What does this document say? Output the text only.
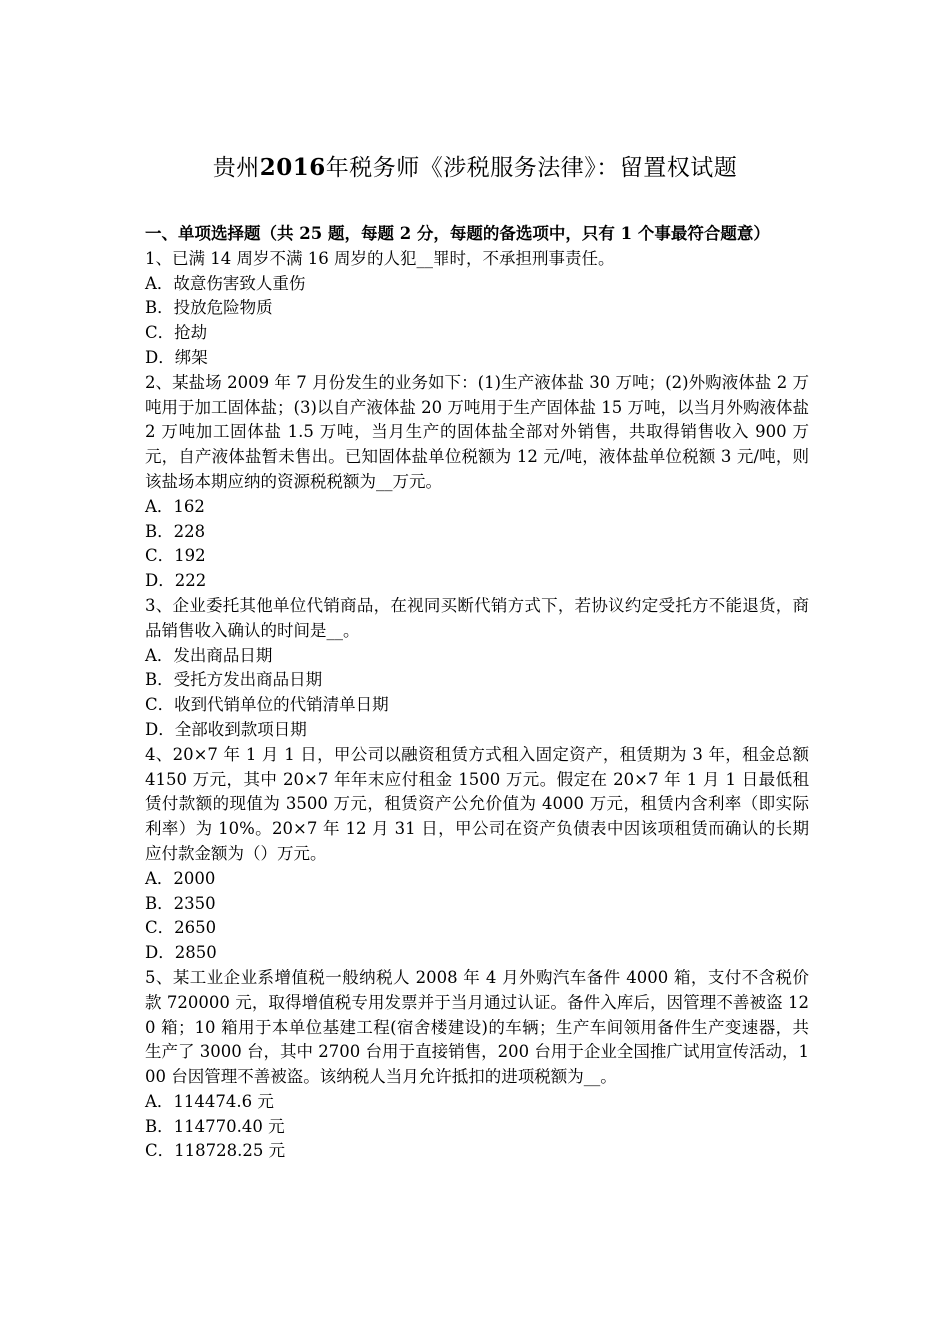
贵州2016年税务师《涉税服务法律》：留置权试题

一、单项选择题（共 25 题，每题 2 分，每题的备选项中，只有 1 个事最符合题意）

1、已满 14 周岁不满 16 周岁的人犯__罪时，不承担刑事责任。

A．故意伤害致人重伤

B．投放危险物质

C．抢劫

D．绑架

2、某盐场 2009 年 7 月份发生的业务如下：(1)生产液体盐 30 万吨；(2)外购液体盐 2 万吨用于加工固体盐；(3)以自产液体盐 20 万吨用于生产固体盐 15 万吨，以当月外购液体盐 2 万吨加工固体盐 1.5 万吨，当月生产的固体盐全部对外销售，共取得销售收入 900 万元，自产液体盐暂未售出。已知固体盐单位税额为 12 元/吨，液体盐单位税额 3 元/吨，则该盐场本期应纳的资源税税额为__万元。

A．162

B．228

C．192

D．222

3、企业委托其他单位代销商品，在视同买断代销方式下，若协议约定受托方不能退货，商品销售收入确认的时间是__。

A．发出商品日期

B．受托方发出商品日期

C．收到代销单位的代销清单日期

D．全部收到款项日期

4、20×7 年 1 月 1 日，甲公司以融资租赁方式租入固定资产，租赁期为 3 年，租金总额 4150 万元，其中 20×7 年年末应付租金 1500 万元。假定在 20×7 年 1 月 1 日最低租赁付款额的现值为 3500 万元，租赁资产公允价值为 4000 万元，租赁内含利率（即实际利率）为 10%。20×7 年 12 月 31 日，甲公司在资产负债表中因该项租赁而确认的长期应付款金额为（）万元。

A．2000

B．2350

C．2650

D．2850

5、某工业企业系增值税一般纳税人 2008 年 4 月外购汽车备件 4000 箱，支付不含税价款 720000 元，取得增值税专用发票并于当月通过认证。备件入库后，因管理不善被盗 120 箱；10 箱用于本单位基建工程(宿舍楼建设)的车辆；生产车间领用备件生产变速器，共生产了 3000 台，其中 2700 台用于直接销售，200 台用于企业全国推广试用宣传活动，100 台因管理不善被盗。该纳税人当月允许抵扣的进项税额为__。

A．114474.6 元

B．114770.40 元

C．118728.25 元
